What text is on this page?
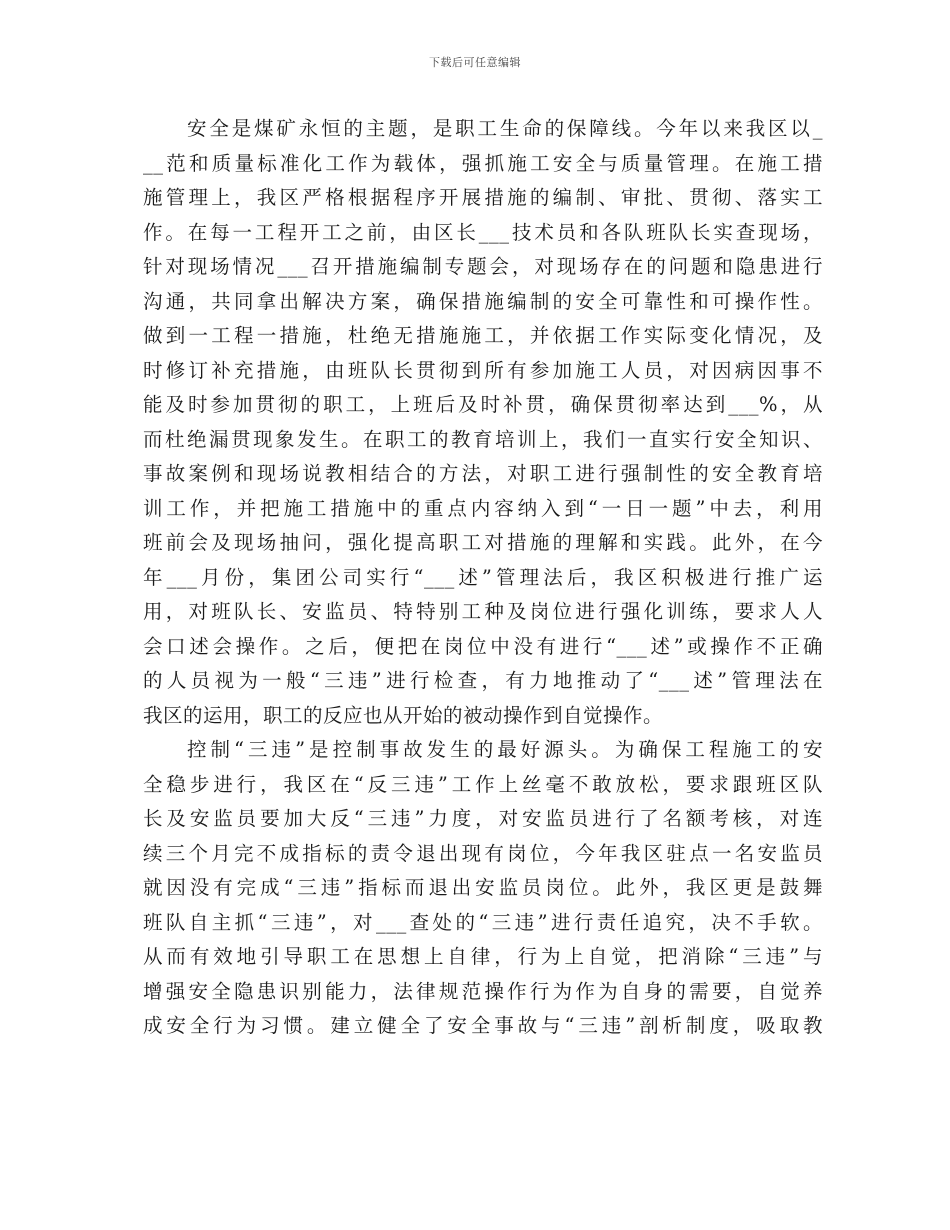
下载后可任意编辑
安全是煤矿永恒的主题，是职工生命的保障线。今年以来我区以_
__范和质量标准化工作为载体，强抓施工安全与质量管理。在施工措
施管理上，我区严格根据程序开展措施的编制、审批、贯彻、落实工
作。在每一工程开工之前，由区长___技术员和各队班队长实查现场，
针对现场情况___召开措施编制专题会，对现场存在的问题和隐患进行
沟通，共同拿出解决方案，确保措施编制的安全可靠性和可操作性。
做到一工程一措施，杜绝无措施施工，并依据工作实际变化情况，及
时修订补充措施，由班队长贯彻到所有参加施工人员，对因病因事不
能及时参加贯彻的职工，上班后及时补贯，确保贯彻率达到___%，从
而杜绝漏贯现象发生。在职工的教育培训上，我们一直实行安全知识、
事故案例和现场说教相结合的方法，对职工进行强制性的安全教育培
训工作，并把施工措施中的重点内容纳入到“一日一题”中去，利用
班前会及现场抽问，强化提高职工对措施的理解和实践。此外，在今
年___月份，集团公司实行“___述”管理法后，我区积极进行推广运
用，对班队长、安监员、特特别工种及岗位进行强化训练，要求人人
会口述会操作。之后，便把在岗位中没有进行“___述”或操作不正确
的人员视为一般“三违”进行检查，有力地推动了“___述”管理法在
我区的运用，职工的反应也从开始的被动操作到自觉操作。
控制“三违”是控制事故发生的最好源头。为确保工程施工的安
全稳步进行，我区在“反三违”工作上丝毫不敢放松，要求跟班区队
长及安监员要加大反“三违”力度，对安监员进行了名额考核，对连
续三个月完不成指标的责令退出现有岗位，今年我区驻点一名安监员
就因没有完成“三违”指标而退出安监员岗位。此外，我区更是鼓舞
班队自主抓“三违”，对___查处的“三违”进行责任追究，决不手软。
从而有效地引导职工在思想上自律，行为上自觉，把消除“三违”与
增强安全隐患识别能力，法律规范操作行为作为自身的需要，自觉养
成安全行为习惯。建立健全了安全事故与“三违”剖析制度，吸取教
